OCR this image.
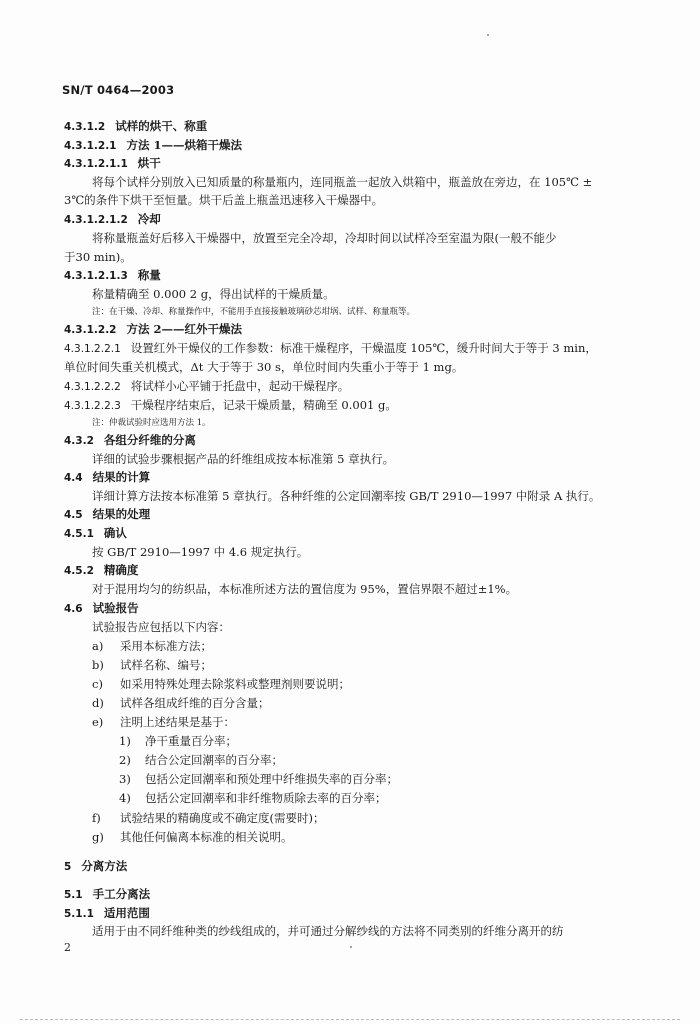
SN/T 0464—2003
4.3.1.2 试样的烘干、称重
4.3.1.2.1 方法 1——烘箱干燥法
4.3.1.2.1.1 烘干
将每个试样分别放入已知质量的称量瓶内，连同瓶盖一起放入烘箱中，瓶盖放在旁边，在 105℃ ±
3℃的条件下烘干至恒量。烘干后盖上瓶盖迅速移入干燥器中。
4.3.1.2.1.2 冷却
将称量瓶盖好后移入干燥器中，放置至完全冷却，冷却时间以试样冷至室温为限(一般不能少
于30 min)。
4.3.1.2.1.3 称量
称量精确至 0.000 2 g，得出试样的干燥质量。
注：在干燥、冷却、称量操作中，不能用手直接接触玻璃砂芯坩埚、试样、称量瓶等。
4.3.1.2.2 方法 2——红外干燥法
4.3.1.2.2.1 设置红外干燥仪的工作参数：标准干燥程序，干燥温度 105℃，缓升时间大于等于 3 min，
单位时间失重关机模式，Δt 大于等于 30 s，单位时间内失重小于等于 1 mg。
4.3.1.2.2.2 将试样小心平铺于托盘中，起动干燥程序。
4.3.1.2.2.3 干燥程序结束后，记录干燥质量，精确至 0.001 g。
注：仲裁试验时应选用方法 1。
4.3.2 各组分纤维的分离
详细的试验步骤根据产品的纤维组成按本标准第 5 章执行。
4.4 结果的计算
详细计算方法按本标准第 5 章执行。各种纤维的公定回潮率按 GB/T 2910—1997 中附录 A 执行。
4.5 结果的处理
4.5.1 确认
按 GB/T 2910—1997 中 4.6 规定执行。
4.5.2 精确度
对于混用均匀的纺织品，本标准所述方法的置信度为 95%，置信界限不超过±1%。
4.6 试验报告
试验报告应包括以下内容：
a) 采用本标准方法；
b) 试样名称、编号；
c) 如采用特殊处理去除浆料或整理剂则要说明；
d) 试样各组成纤维的百分含量；
e) 注明上述结果是基于：
1) 净干重量百分率；
2) 结合公定回潮率的百分率；
3) 包括公定回潮率和预处理中纤维损失率的百分率；
4) 包括公定回潮率和非纤维物质除去率的百分率；
f) 试验结果的精确度或不确定度(需要时)；
g) 其他任何偏离本标准的相关说明。
5 分离方法
5.1 手工分离法
5.1.1 适用范围
适用于由不同纤维种类的纱线组成的，并可通过分解纱线的方法将不同类别的纤维分离开的纺
2
